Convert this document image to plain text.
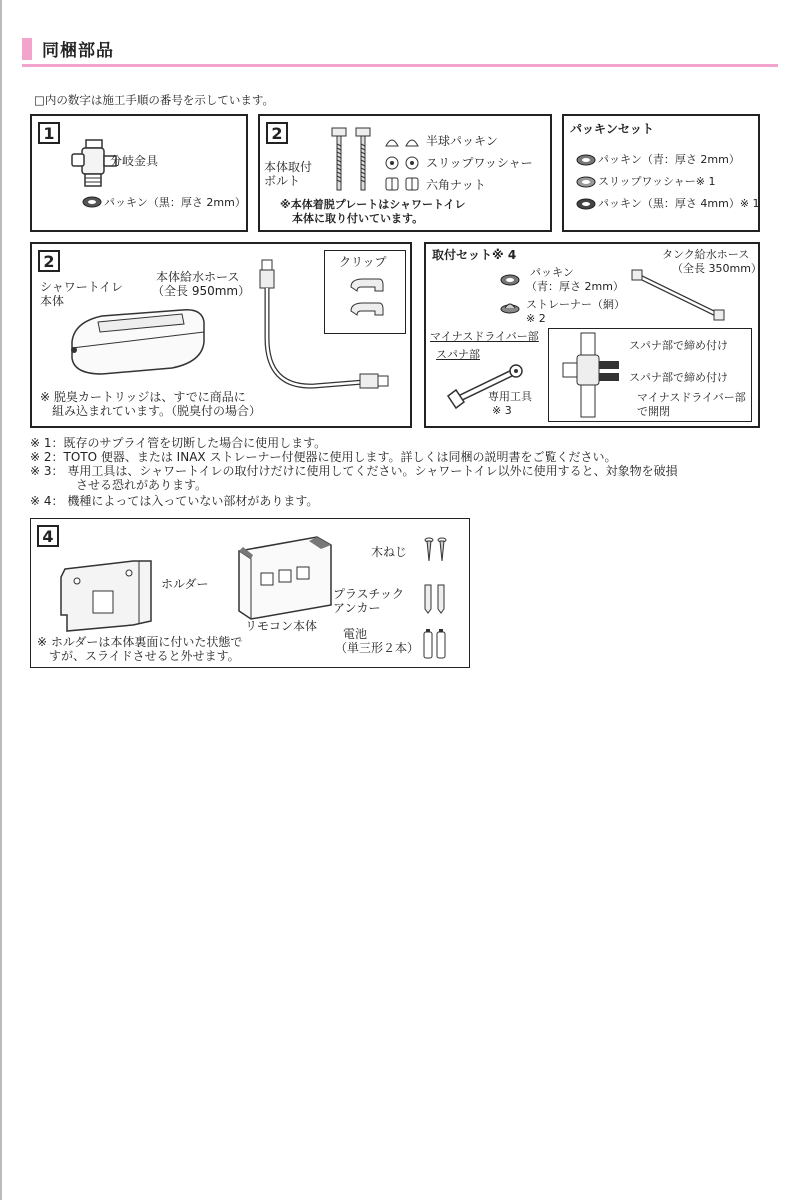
同梱部品
□内の数字は施工手順の番号を示しています。
1
分岐金具
パッキン（黒：厚さ 2mm）
2
本体取付
ボルト
半球パッキン
スリップワッシャー
六角ナット
※本体着脱プレートはシャワートイレ
本体に取り付いています。
パッキンセット
パッキン（青：厚さ 2mm）
スリップワッシャー※ 1
パッキン（黒：厚さ 4mm）※ 1
2
シャワートイレ
本体
本体給水ホース
（全長 950mm）
クリップ
※ 脱臭カートリッジは、すでに商品に
組み込まれています。（脱臭付の場合）
取付セット※ 4	タンク給水ホース
（全長 350mm）
パッキン
（青：厚さ 2mm）
ストレーナー（網）
※ 2
マイナスドライバー部
スパナ部
専用工具
※ 3
スパナ部で締め付け
スパナ部で締め付け
マイナスドライバー部
で開閉
※ 1：既存のサプライ管を切断した場合に使用します。
※ 2：TOTO 便器、または INAX ストレーナー付便器に使用します。詳しくは同梱の説明書をご覧ください。
※ 3： 専用工具は、シャワートイレの取付けだけに使用してください。シャワートイレ以外に使用すると、対象物を破損
させる恐れがあります。
※ 4： 機種によっては入っていない部材があります。
4
ホルダー
リモコン本体
木ねじ
プラスチック
アンカー
電池
（単三形２本）
※ ホルダーは本体裏面に付いた状態で
すが、スライドさせると外せます。
